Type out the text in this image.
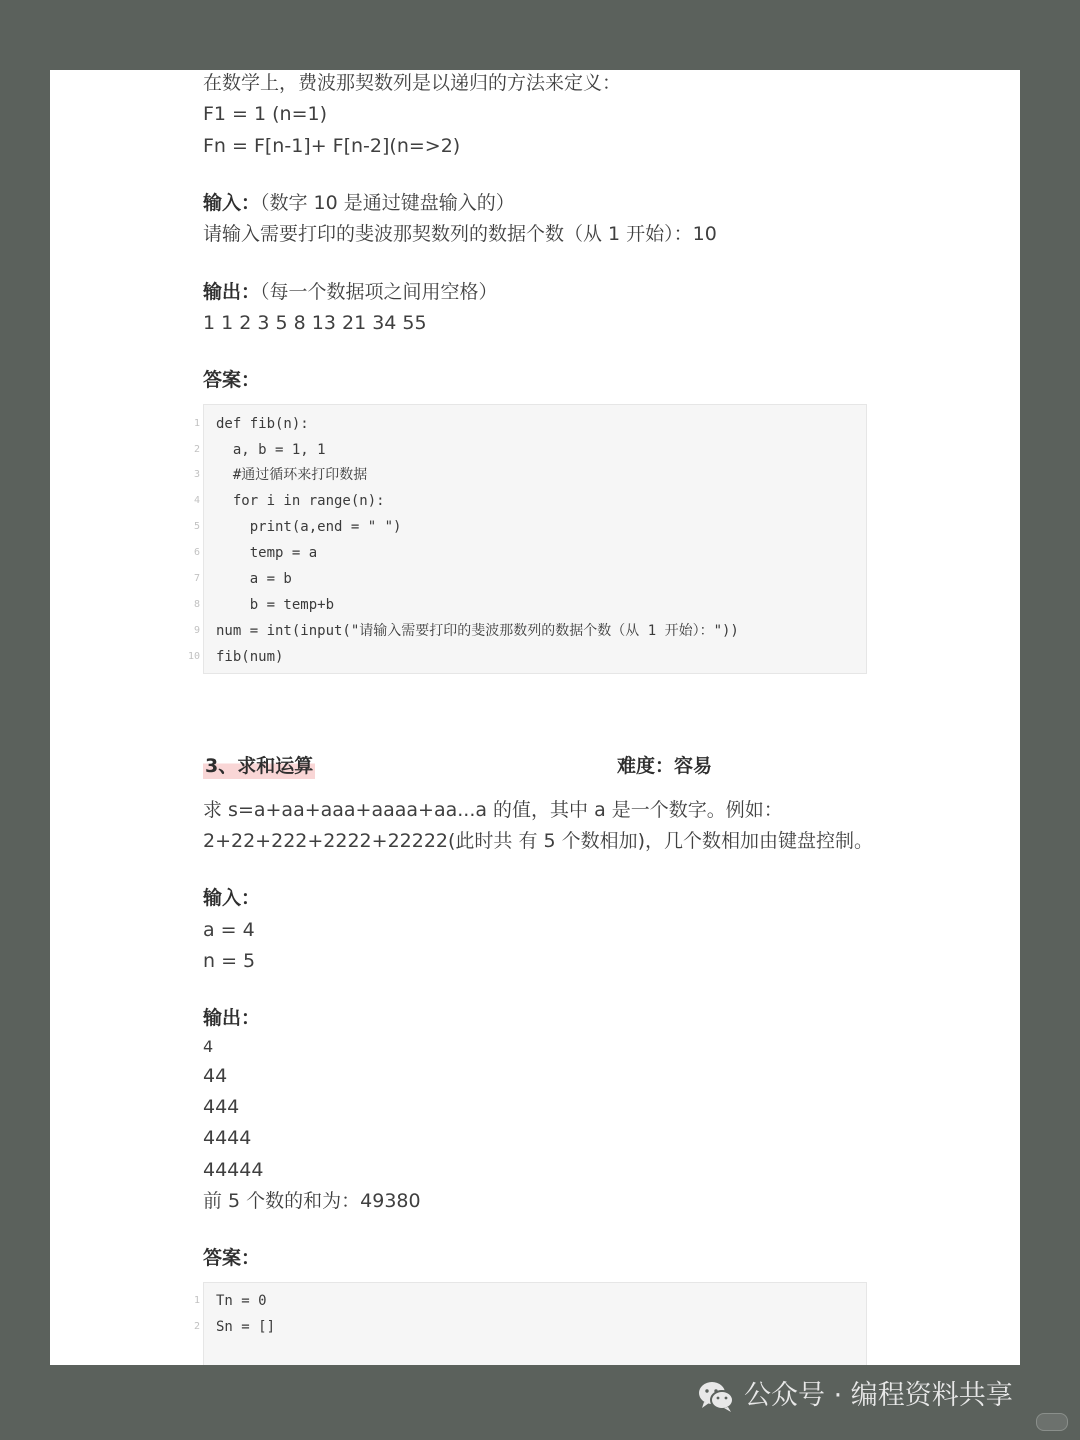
在数学上，费波那契数列是以递归的方法来定义：
F1 = 1 (n=1)
Fn = F[n-1]+ F[n-2](n=>2)
输入：（数字 10 是通过键盘输入的）
请输入需要打印的斐波那契数列的数据个数（从 1 开始）：10
输出：（每一个数据项之间用空格）
1 1 2 3 5 8 13 21 34 55
答案：
1 def fib(n):
2 a, b = 1, 1
3 #通过循环来打印数据
4 for i in range(n):
5 print(a,end = " ")
6 temp = a
7 a = b
8 b = temp+b
9 num = int(input("请输入需要打印的斐波那数列的数据个数（从 1 开始）："))
10 fib(num)
3、求和运算	难度：容易
求 s=a+aa+aaa+aaaa+aa...a 的值，其中 a 是一个数字。例如：
2+22+222+2222+22222(此时共 有 5 个数相加)，几个数相加由键盘控制。
输入：
a = 4
n = 5
输出：
4
44
444
4444
44444
前 5 个数的和为：49380
答案：
1 Tn = 0
2 Sn = []
公众号 · 编程资料共享
